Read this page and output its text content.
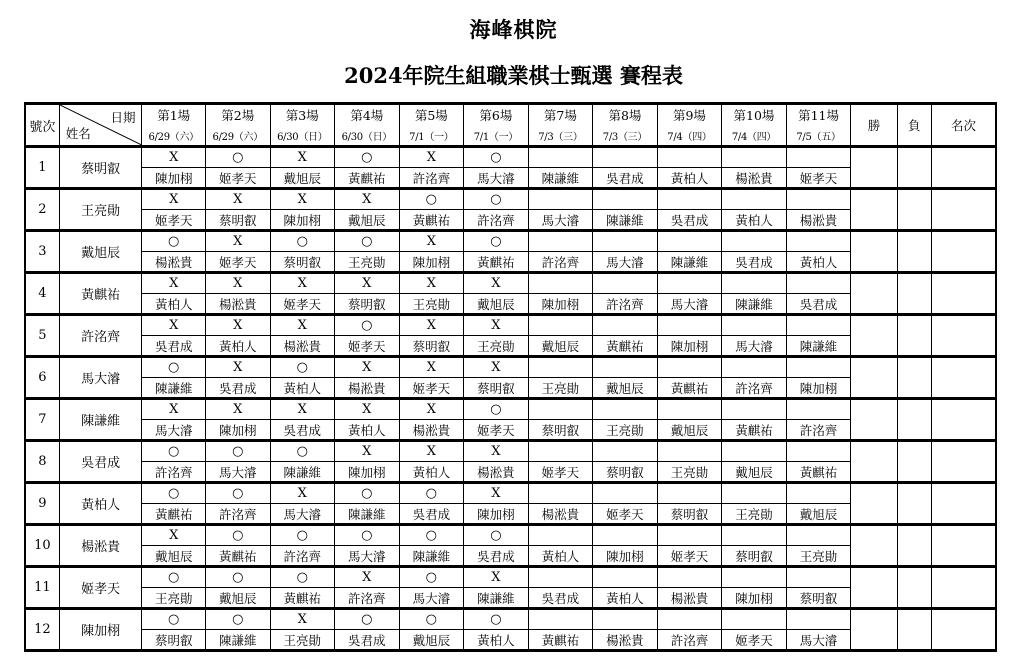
海峰棋院
2024年院生組職業棋士甄選 賽程表
號次	日期
姓名	第1場	第2場	第3場	第4場	第5場	第6場	第7場	第8場	第9場	第10場	第11場	勝	負	名次
		6/29（六）	6/29（六）	6/30（日）	6/30（日）	7/1（一）	7/1（一）	7/3（三）	7/3（三）	7/4（四）	7/4（四）	7/5（五）			
1	蔡明叡	X	○	X	○	X	○								
		陳加栩	姬孝天	戴旭辰	黃麒祐	許洺齊	馬大濬	陳謙維	吳君成	黃柏人	楊淞貴	姬孝天			
2	王亮勛	X	X	X	X	○	○								
		姬孝天	蔡明叡	陳加栩	戴旭辰	黃麒祐	許洺齊	馬大濬	陳謙維	吳君成	黃柏人	楊淞貴			
3	戴旭辰	○	X	○	○	X	○								
		楊淞貴	姬孝天	蔡明叡	王亮勛	陳加栩	黃麒祐	許洺齊	馬大濬	陳謙維	吳君成	黃柏人			
4	黃麒祐	X	X	X	X	X	X								
		黃柏人	楊淞貴	姬孝天	蔡明叡	王亮勛	戴旭辰	陳加栩	許洺齊	馬大濬	陳謙維	吳君成			
5	許洺齊	X	X	X	○	X	X								
		吳君成	黃柏人	楊淞貴	姬孝天	蔡明叡	王亮勛	戴旭辰	黃麒祐	陳加栩	馬大濬	陳謙維			
6	馬大濬	○	X	○	X	X	X								
		陳謙維	吳君成	黃柏人	楊淞貴	姬孝天	蔡明叡	王亮勛	戴旭辰	黃麒祐	許洺齊	陳加栩			
7	陳謙維	X	X	X	X	X	○								
		馬大濬	陳加栩	吳君成	黃柏人	楊淞貴	姬孝天	蔡明叡	王亮勛	戴旭辰	黃麒祐	許洺齊			
8	吳君成	○	○	○	X	X	X								
		許洺齊	馬大濬	陳謙維	陳加栩	黃柏人	楊淞貴	姬孝天	蔡明叡	王亮勛	戴旭辰	黃麒祐			
9	黃柏人	○	○	X	○	○	X								
		黃麒祐	許洺齊	馬大濬	陳謙維	吳君成	陳加栩	楊淞貴	姬孝天	蔡明叡	王亮勛	戴旭辰			
10	楊淞貴	X	○	○	○	○	○								
		戴旭辰	黃麒祐	許洺齊	馬大濬	陳謙維	吳君成	黃柏人	陳加栩	姬孝天	蔡明叡	王亮勛			
11	姬孝天	○	○	○	X	○	X								
		王亮勛	戴旭辰	黃麒祐	許洺齊	馬大濬	陳謙維	吳君成	黃柏人	楊淞貴	陳加栩	蔡明叡			
12	陳加栩	○	○	X	○	○	○								
		蔡明叡	陳謙維	王亮勛	吳君成	戴旭辰	黃柏人	黃麒祐	楊淞貴	許洺齊	姬孝天	馬大濬			
